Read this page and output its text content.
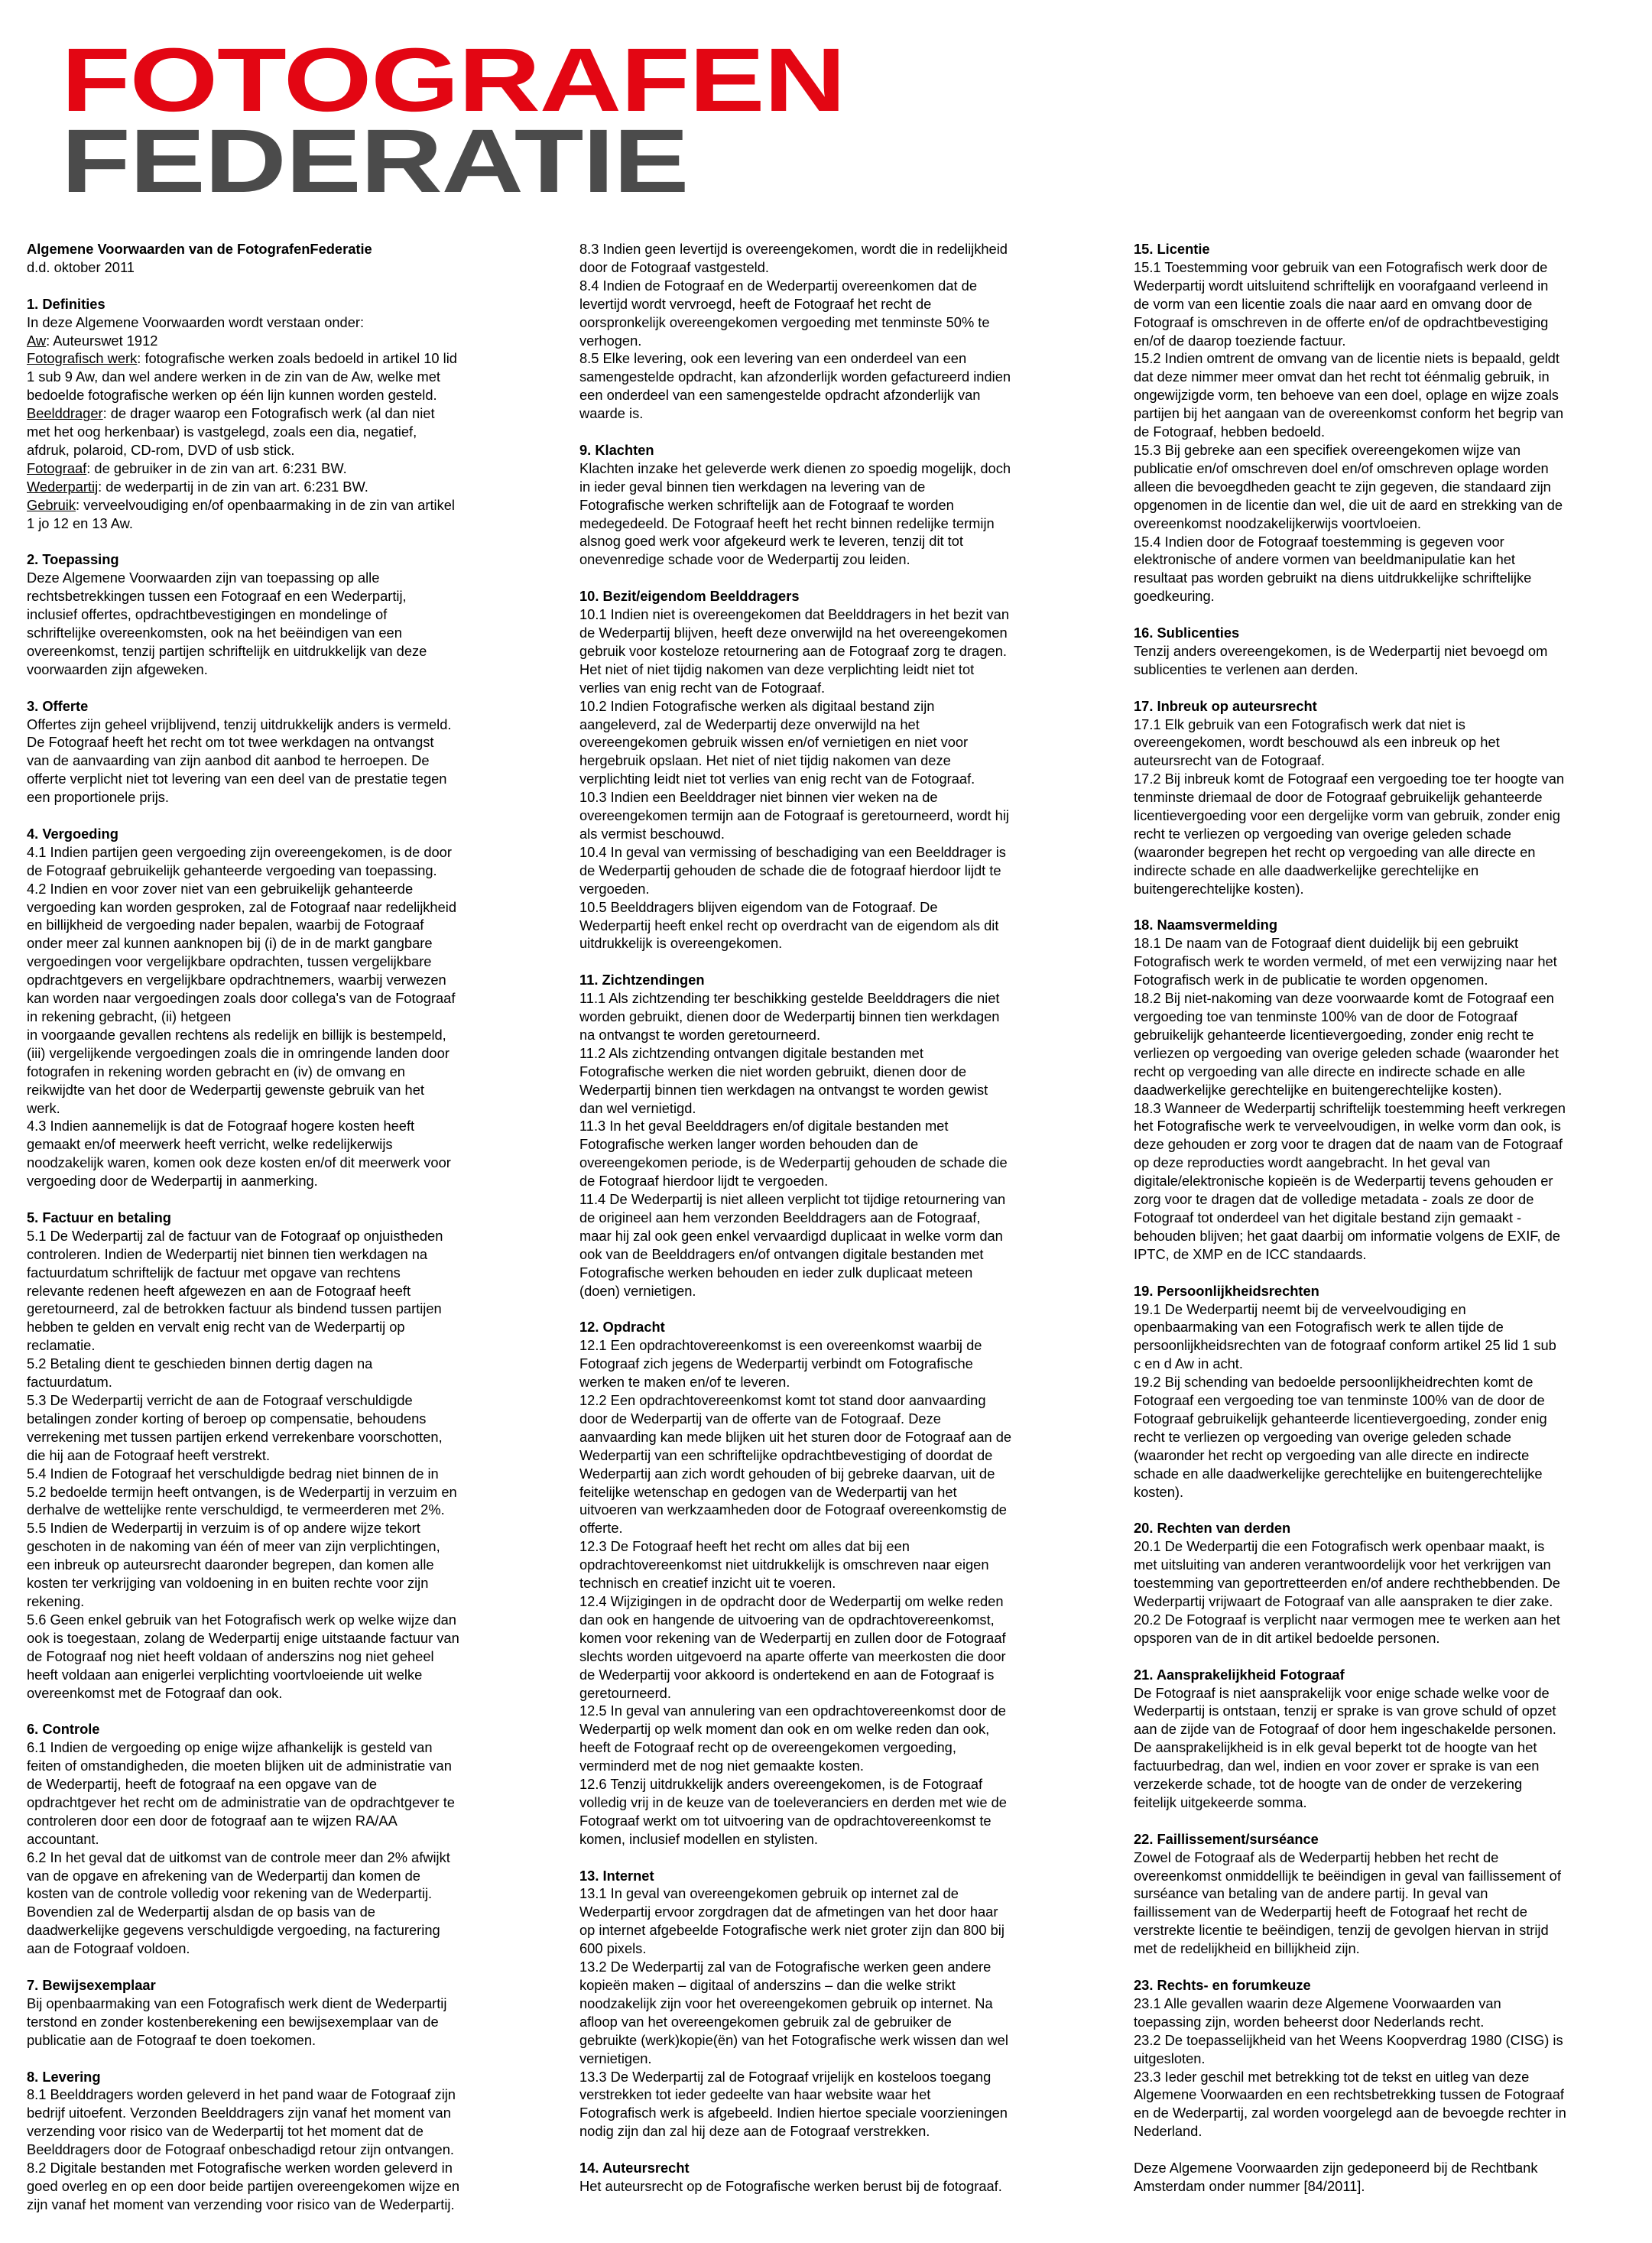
FOTOGRAFEN
FEDERATIE
Algemene Voorwaarden van de FotografenFederatie
d.d. oktober 2011
1. Definities
In deze Algemene Voorwaarden wordt verstaan onder:
Aw: Auteurswet 1912
Fotografisch werk: fotografische werken zoals bedoeld in artikel 10 lid
1 sub 9 Aw, dan wel andere werken in de zin van de Aw, welke met
bedoelde fotografische werken op één lijn kunnen worden gesteld.
Beelddrager: de drager waarop een Fotografisch werk (al dan niet
met het oog herkenbaar) is vastgelegd, zoals een dia, negatief,
afdruk, polaroid, CD-rom, DVD of usb stick.
Fotograaf: de gebruiker in de zin van art. 6:231 BW.
Wederpartij: de wederpartij in de zin van art. 6:231 BW.
Gebruik: verveelvoudiging en/of openbaarmaking in de zin van artikel
1 jo 12 en 13 Aw.
2. Toepassing
Deze Algemene Voorwaarden zijn van toepassing op alle
rechtsbetrekkingen tussen een Fotograaf en een Wederpartij,
inclusief offertes, opdrachtbevestigingen en mondelinge of
schriftelijke overeenkomsten, ook na het beëindigen van een
overeenkomst, tenzij partijen schriftelijk en uitdrukkelijk van deze
voorwaarden zijn afgeweken.
3. Offerte
Offertes zijn geheel vrijblijvend, tenzij uitdrukkelijk anders is vermeld.
De Fotograaf heeft het recht om tot twee werkdagen na ontvangst
van de aanvaarding van zijn aanbod dit aanbod te herroepen. De
offerte verplicht niet tot levering van een deel van de prestatie tegen
een proportionele prijs.
4. Vergoeding
4.1 Indien partijen geen vergoeding zijn overeengekomen, is de door
de Fotograaf gebruikelijk gehanteerde vergoeding van toepassing.
4.2 Indien en voor zover niet van een gebruikelijk gehanteerde
vergoeding kan worden gesproken, zal de Fotograaf naar redelijkheid
en billijkheid de vergoeding nader bepalen, waarbij de Fotograaf
onder meer zal kunnen aanknopen bij (i) de in de markt gangbare
vergoedingen voor vergelijkbare opdrachten, tussen vergelijkbare
opdrachtgevers en vergelijkbare opdrachtnemers, waarbij verwezen
kan worden naar vergoedingen zoals door collega's van de Fotograaf
in rekening gebracht, (ii) hetgeen
in voorgaande gevallen rechtens als redelijk en billijk is bestempeld,
(iii) vergelijkende vergoedingen zoals die in omringende landen door
fotografen in rekening worden gebracht en (iv) de omvang en
reikwijdte van het door de Wederpartij gewenste gebruik van het
werk.
4.3 Indien aannemelijk is dat de Fotograaf hogere kosten heeft
gemaakt en/of meerwerk heeft verricht, welke redelijkerwijs
noodzakelijk waren, komen ook deze kosten en/of dit meerwerk voor
vergoeding door de Wederpartij in aanmerking.
5. Factuur en betaling
5.1 De Wederpartij zal de factuur van de Fotograaf op onjuistheden
controleren. Indien de Wederpartij niet binnen tien werkdagen na
factuurdatum schriftelijk de factuur met opgave van rechtens
relevante redenen heeft afgewezen en aan de Fotograaf heeft
geretourneerd, zal de betrokken factuur als bindend tussen partijen
hebben te gelden en vervalt enig recht van de Wederpartij op
reclamatie.
5.2 Betaling dient te geschieden binnen dertig dagen na
factuurdatum.
5.3 De Wederpartij verricht de aan de Fotograaf verschuldigde
betalingen zonder korting of beroep op compensatie, behoudens
verrekening met tussen partijen erkend verrekenbare voorschotten,
die hij aan de Fotograaf heeft verstrekt.
5.4 Indien de Fotograaf het verschuldigde bedrag niet binnen de in
5.2 bedoelde termijn heeft ontvangen, is de Wederpartij in verzuim en
derhalve de wettelijke rente verschuldigd, te vermeerderen met 2%.
5.5 Indien de Wederpartij in verzuim is of op andere wijze tekort
geschoten in de nakoming van één of meer van zijn verplichtingen,
een inbreuk op auteursrecht daaronder begrepen, dan komen alle
kosten ter verkrijging van voldoening in en buiten rechte voor zijn
rekening.
5.6 Geen enkel gebruik van het Fotografisch werk op welke wijze dan
ook is toegestaan, zolang de Wederpartij enige uitstaande factuur van
de Fotograaf nog niet heeft voldaan of anderszins nog niet geheel
heeft voldaan aan enigerlei verplichting voortvloeiende uit welke
overeenkomst met de Fotograaf dan ook.
6. Controle
6.1 Indien de vergoeding op enige wijze afhankelijk is gesteld van
feiten of omstandigheden, die moeten blijken uit de administratie van
de Wederpartij, heeft de fotograaf na een opgave van de
opdrachtgever het recht om de administratie van de opdrachtgever te
controleren door een door de fotograaf aan te wijzen RA/AA
accountant.
6.2 In het geval dat de uitkomst van de controle meer dan 2% afwijkt
van de opgave en afrekening van de Wederpartij dan komen de
kosten van de controle volledig voor rekening van de Wederpartij.
Bovendien zal de Wederpartij alsdan de op basis van de
daadwerkelijke gegevens verschuldigde vergoeding, na facturering
aan de Fotograaf voldoen.
7. Bewijsexemplaar
Bij openbaarmaking van een Fotografisch werk dient de Wederpartij
terstond en zonder kostenberekening een bewijsexemplaar van de
publicatie aan de Fotograaf te doen toekomen.
8. Levering
8.1 Beelddragers worden geleverd in het pand waar de Fotograaf zijn
bedrijf uitoefent. Verzonden Beelddragers zijn vanaf het moment van
verzending voor risico van de Wederpartij tot het moment dat de
Beelddragers door de Fotograaf onbeschadigd retour zijn ontvangen.
8.2 Digitale bestanden met Fotografische werken worden geleverd in
goed overleg en op een door beide partijen overeengekomen wijze en
zijn vanaf het moment van verzending voor risico van de Wederpartij.
8.3 Indien geen levertijd is overeengekomen, wordt die in redelijkheid
door de Fotograaf vastgesteld.
8.4 Indien de Fotograaf en de Wederpartij overeenkomen dat de
levertijd wordt vervroegd, heeft de Fotograaf het recht de
oorspronkelijk overeengekomen vergoeding met tenminste 50% te
verhogen.
8.5 Elke levering, ook een levering van een onderdeel van een
samengestelde opdracht, kan afzonderlijk worden gefactureerd indien
een onderdeel van een samengestelde opdracht afzonderlijk van
waarde is.
9. Klachten
Klachten inzake het geleverde werk dienen zo spoedig mogelijk, doch
in ieder geval binnen tien werkdagen na levering van de
Fotografische werken schriftelijk aan de Fotograaf te worden
medegedeeld. De Fotograaf heeft het recht binnen redelijke termijn
alsnog goed werk voor afgekeurd werk te leveren, tenzij dit tot
onevenredige schade voor de Wederpartij zou leiden.
10. Bezit/eigendom Beelddragers
10.1 Indien niet is overeengekomen dat Beelddragers in het bezit van
de Wederpartij blijven, heeft deze onverwijld na het overeengekomen
gebruik voor kosteloze retournering aan de Fotograaf zorg te dragen.
Het niet of niet tijdig nakomen van deze verplichting leidt niet tot
verlies van enig recht van de Fotograaf.
10.2 Indien Fotografische werken als digitaal bestand zijn
aangeleverd, zal de Wederpartij deze onverwijld na het
overeengekomen gebruik wissen en/of vernietigen en niet voor
hergebruik opslaan. Het niet of niet tijdig nakomen van deze
verplichting leidt niet tot verlies van enig recht van de Fotograaf.
10.3 Indien een Beelddrager niet binnen vier weken na de
overeengekomen termijn aan de Fotograaf is geretourneerd, wordt hij
als vermist beschouwd.
10.4 In geval van vermissing of beschadiging van een Beelddrager is
de Wederpartij gehouden de schade die de fotograaf hierdoor lijdt te
vergoeden.
10.5 Beelddragers blijven eigendom van de Fotograaf. De
Wederpartij heeft enkel recht op overdracht van de eigendom als dit
uitdrukkelijk is overeengekomen.
11. Zichtzendingen
11.1 Als zichtzending ter beschikking gestelde Beelddragers die niet
worden gebruikt, dienen door de Wederpartij binnen tien werkdagen
na ontvangst te worden geretourneerd.
11.2 Als zichtzending ontvangen digitale bestanden met
Fotografische werken die niet worden gebruikt, dienen door de
Wederpartij binnen tien werkdagen na ontvangst te worden gewist
dan wel vernietigd.
11.3 In het geval Beelddragers en/of digitale bestanden met
Fotografische werken langer worden behouden dan de
overeengekomen periode, is de Wederpartij gehouden de schade die
de Fotograaf hierdoor lijdt te vergoeden.
11.4 De Wederpartij is niet alleen verplicht tot tijdige retournering van
de origineel aan hem verzonden Beelddragers aan de Fotograaf,
maar hij zal ook geen enkel vervaardigd duplicaat in welke vorm dan
ook van de Beelddragers en/of ontvangen digitale bestanden met
Fotografische werken behouden en ieder zulk duplicaat meteen
(doen) vernietigen.
12. Opdracht
12.1 Een opdrachtovereenkomst is een overeenkomst waarbij de
Fotograaf zich jegens de Wederpartij verbindt om Fotografische
werken te maken en/of te leveren.
12.2 Een opdrachtovereenkomst komt tot stand door aanvaarding
door de Wederpartij van de offerte van de Fotograaf. Deze
aanvaarding kan mede blijken uit het sturen door de Fotograaf aan de
Wederpartij van een schriftelijke opdrachtbevestiging of doordat de
Wederpartij aan zich wordt gehouden of bij gebreke daarvan, uit de
feitelijke wetenschap en gedogen van de Wederpartij van het
uitvoeren van werkzaamheden door de Fotograaf overeenkomstig de
offerte.
12.3 De Fotograaf heeft het recht om alles dat bij een
opdrachtovereenkomst niet uitdrukkelijk is omschreven naar eigen
technisch en creatief inzicht uit te voeren.
12.4 Wijzigingen in de opdracht door de Wederpartij om welke reden
dan ook en hangende de uitvoering van de opdrachtovereenkomst,
komen voor rekening van de Wederpartij en zullen door de Fotograaf
slechts worden uitgevoerd na aparte offerte van meerkosten die door
de Wederpartij voor akkoord is ondertekend en aan de Fotograaf is
geretourneerd.
12.5 In geval van annulering van een opdrachtovereenkomst door de
Wederpartij op welk moment dan ook en om welke reden dan ook,
heeft de Fotograaf recht op de overeengekomen vergoeding,
verminderd met de nog niet gemaakte kosten.
12.6 Tenzij uitdrukkelijk anders overeengekomen, is de Fotograaf
volledig vrij in de keuze van de toeleveranciers en derden met wie de
Fotograaf werkt om tot uitvoering van de opdrachtovereenkomst te
komen, inclusief modellen en stylisten.
13. Internet
13.1 In geval van overeengekomen gebruik op internet zal de
Wederpartij ervoor zorgdragen dat de afmetingen van het door haar
op internet afgebeelde Fotografische werk niet groter zijn dan 800 bij
600 pixels.
13.2 De Wederpartij zal van de Fotografische werken geen andere
kopieën maken – digitaal of anderszins – dan die welke strikt
noodzakelijk zijn voor het overeengekomen gebruik op internet. Na
afloop van het overeengekomen gebruik zal de gebruiker de
gebruikte (werk)kopie(ën) van het Fotografische werk wissen dan wel
vernietigen.
13.3 De Wederpartij zal de Fotograaf vrijelijk en kosteloos toegang
verstrekken tot ieder gedeelte van haar website waar het
Fotografisch werk is afgebeeld. Indien hiertoe speciale voorzieningen
nodig zijn dan zal hij deze aan de Fotograaf verstrekken.
14. Auteursrecht
Het auteursrecht op de Fotografische werken berust bij de fotograaf.
15. Licentie
15.1 Toestemming voor gebruik van een Fotografisch werk door de
Wederpartij wordt uitsluitend schriftelijk en voorafgaand verleend in
de vorm van een licentie zoals die naar aard en omvang door de
Fotograaf is omschreven in de offerte en/of de opdrachtbevestiging
en/of de daarop toeziende factuur.
15.2 Indien omtrent de omvang van de licentie niets is bepaald, geldt
dat deze nimmer meer omvat dan het recht tot éénmalig gebruik, in
ongewijzigde vorm, ten behoeve van een doel, oplage en wijze zoals
partijen bij het aangaan van de overeenkomst conform het begrip van
de Fotograaf, hebben bedoeld.
15.3 Bij gebreke aan een specifiek overeengekomen wijze van
publicatie en/of omschreven doel en/of omschreven oplage worden
alleen die bevoegdheden geacht te zijn gegeven, die standaard zijn
opgenomen in de licentie dan wel, die uit de aard en strekking van de
overeenkomst noodzakelijkerwijs voortvloeien.
15.4 Indien door de Fotograaf toestemming is gegeven voor
elektronische of andere vormen van beeldmanipulatie kan het
resultaat pas worden gebruikt na diens uitdrukkelijke schriftelijke
goedkeuring.
16. Sublicenties
Tenzij anders overeengekomen, is de Wederpartij niet bevoegd om
sublicenties te verlenen aan derden.
17. Inbreuk op auteursrecht
17.1 Elk gebruik van een Fotografisch werk dat niet is
overeengekomen, wordt beschouwd als een inbreuk op het
auteursrecht van de Fotograaf.
17.2 Bij inbreuk komt de Fotograaf een vergoeding toe ter hoogte van
tenminste driemaal de door de Fotograaf gebruikelijk gehanteerde
licentievergoeding voor een dergelijke vorm van gebruik, zonder enig
recht te verliezen op vergoeding van overige geleden schade
(waaronder begrepen het recht op vergoeding van alle directe en
indirecte schade en alle daadwerkelijke gerechtelijke en
buitengerechtelijke kosten).
18. Naamsvermelding
18.1 De naam van de Fotograaf dient duidelijk bij een gebruikt
Fotografisch werk te worden vermeld, of met een verwijzing naar het
Fotografisch werk in de publicatie te worden opgenomen.
18.2 Bij niet-nakoming van deze voorwaarde komt de Fotograaf een
vergoeding toe van tenminste 100% van de door de Fotograaf
gebruikelijk gehanteerde licentievergoeding, zonder enig recht te
verliezen op vergoeding van overige geleden schade (waaronder het
recht op vergoeding van alle directe en indirecte schade en alle
daadwerkelijke gerechtelijke en buitengerechtelijke kosten).
18.3 Wanneer de Wederpartij schriftelijk toestemming heeft verkregen
het Fotografische werk te verveelvoudigen, in welke vorm dan ook, is
deze gehouden er zorg voor te dragen dat de naam van de Fotograaf
op deze reproducties wordt aangebracht. In het geval van
digitale/elektronische kopieën is de Wederpartij tevens gehouden er
zorg voor te dragen dat de volledige metadata - zoals ze door de
Fotograaf tot onderdeel van het digitale bestand zijn gemaakt -
behouden blijven; het gaat daarbij om informatie volgens de EXIF, de
IPTC, de XMP en de ICC standaards.
19. Persoonlijkheidsrechten
19.1 De Wederpartij neemt bij de verveelvoudiging en
openbaarmaking van een Fotografisch werk te allen tijde de
persoonlijkheidsrechten van de fotograaf conform artikel 25 lid 1 sub
c en d Aw in acht.
19.2 Bij schending van bedoelde persoonlijkheidrechten komt de
Fotograaf een vergoeding toe van tenminste 100% van de door de
Fotograaf gebruikelijk gehanteerde licentievergoeding, zonder enig
recht te verliezen op vergoeding van overige geleden schade
(waaronder het recht op vergoeding van alle directe en indirecte
schade en alle daadwerkelijke gerechtelijke en buitengerechtelijke
kosten).
20. Rechten van derden
20.1 De Wederpartij die een Fotografisch werk openbaar maakt, is
met uitsluiting van anderen verantwoordelijk voor het verkrijgen van
toestemming van geportretteerden en/of andere rechthebbenden. De
Wederpartij vrijwaart de Fotograaf van alle aanspraken te dier zake.
20.2 De Fotograaf is verplicht naar vermogen mee te werken aan het
opsporen van de in dit artikel bedoelde personen.
21. Aansprakelijkheid Fotograaf
De Fotograaf is niet aansprakelijk voor enige schade welke voor de
Wederpartij is ontstaan, tenzij er sprake is van grove schuld of opzet
aan de zijde van de Fotograaf of door hem ingeschakelde personen.
De aansprakelijkheid is in elk geval beperkt tot de hoogte van het
factuurbedrag, dan wel, indien en voor zover er sprake is van een
verzekerde schade, tot de hoogte van de onder de verzekering
feitelijk uitgekeerde somma.
22. Faillissement/surséance
Zowel de Fotograaf als de Wederpartij hebben het recht de
overeenkomst onmiddellijk te beëindigen in geval van faillissement of
surséance van betaling van de andere partij. In geval van
faillissement van de Wederpartij heeft de Fotograaf het recht de
verstrekte licentie te beëindigen, tenzij de gevolgen hiervan in strijd
met de redelijkheid en billijkheid zijn.
23. Rechts- en forumkeuze
23.1 Alle gevallen waarin deze Algemene Voorwaarden van
toepassing zijn, worden beheerst door Nederlands recht.
23.2 De toepasselijkheid van het Weens Koopverdrag 1980 (CISG) is
uitgesloten.
23.3 Ieder geschil met betrekking tot de tekst en uitleg van deze
Algemene Voorwaarden en een rechtsbetrekking tussen de Fotograaf
en de Wederpartij, zal worden voorgelegd aan de bevoegde rechter in
Nederland.
Deze Algemene Voorwaarden zijn gedeponeerd bij de Rechtbank
Amsterdam onder nummer [84/2011].
